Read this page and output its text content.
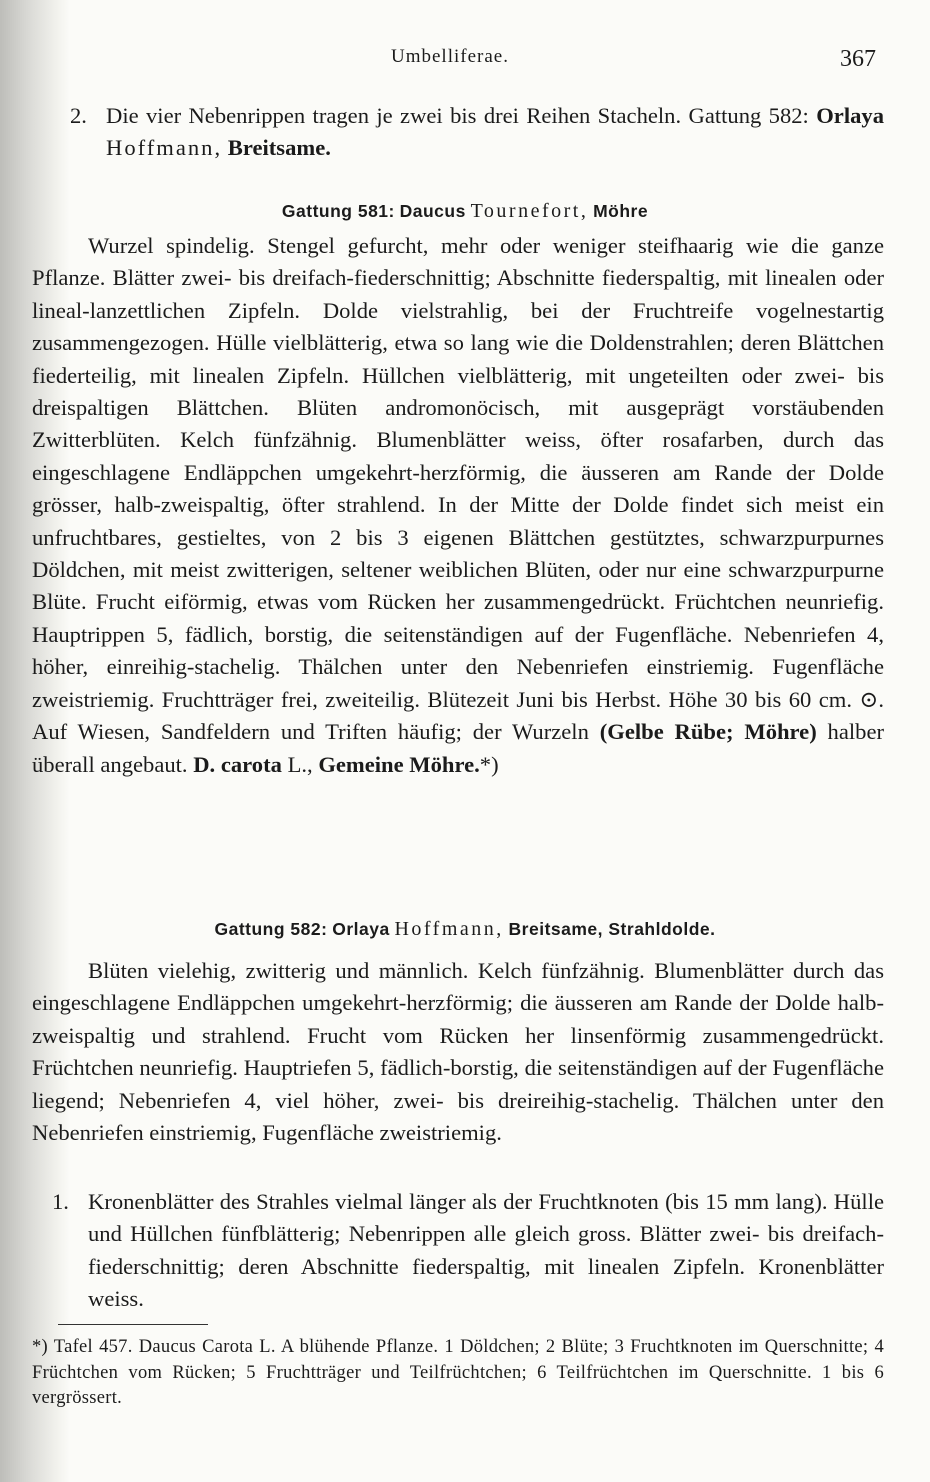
Umbelliferae.	367
2. Die vier Nebenrippen tragen je zwei bis drei Reihen Stacheln. Gattung 582: Orlaya Hoffmann, Breitsame.
Gattung 581: Daucus Tournefort, Möhre
Wurzel spindelig. Stengel gefurcht, mehr oder weniger steifhaarig wie die ganze Pflanze. Blätter zwei- bis dreifach-fiederschnittig; Abschnitte fiederspaltig, mit linealen oder lineal-lanzettlichen Zipfeln. Dolde vielstrahlig, bei der Fruchtreife vogelnestartig zusammengezogen. Hülle vielblätterig, etwa so lang wie die Doldenstrahlen; deren Blättchen fiederteilig, mit linealen Zipfeln. Hüllchen vielblätterig, mit ungeteilten oder zwei- bis dreispaltigen Blättchen. Blüten andromonöcisch, mit ausgeprägt vorstäubenden Zwitterblüten. Kelch fünfzähnig. Blumenblätter weiss, öfter rosafarben, durch das eingeschlagene Endläppchen umgekehrt-herzförmig, die äusseren am Rande der Dolde grösser, halb-zweispaltig, öfter strahlend. In der Mitte der Dolde findet sich meist ein unfruchtbares, gestieltes, von 2 bis 3 eigenen Blättchen gestütztes, schwarzpurpurnes Döldchen, mit meist zwitterigen, seltener weiblichen Blüten, oder nur eine schwarzpurpurne Blüte. Frucht eiförmig, etwas vom Rücken her zusammengedrückt. Früchtchen neunriefig. Hauptrippen 5, fädlich, borstig, die seitenständigen auf der Fugenfläche. Nebenriefen 4, höher, einreihig-stachelig. Thälchen unter den Nebenriefen einstriemig. Fugenfläche zweistriemig. Fruchtträger frei, zweiteilig. Blütezeit Juni bis Herbst. Höhe 30 bis 60 cm. ⊙. Auf Wiesen, Sandfeldern und Triften häufig; der Wurzeln (Gelbe Rübe; Möhre) halber überall angebaut. D. carota L., Gemeine Möhre.*)
Gattung 582: Orlaya Hoffmann, Breitsame, Strahldolde.
Blüten vielehig, zwitterig und männlich. Kelch fünfzähnig. Blumenblätter durch das eingeschlagene Endläppchen umgekehrt-herzförmig; die äusseren am Rande der Dolde halb-zweispaltig und strahlend. Frucht vom Rücken her linsenförmig zusammengedrückt. Früchtchen neunriefig. Hauptriefen 5, fädlich-borstig, die seitenständigen auf der Fugenfläche liegend; Nebenriefen 4, viel höher, zwei- bis dreireihig-stachelig. Thälchen unter den Nebenriefen einstriemig, Fugenfläche zweistriemig.
1. Kronenblätter des Strahles vielmal länger als der Fruchtknoten (bis 15 mm lang). Hülle und Hüllchen fünfblätterig; Nebenrippen alle gleich gross. Blätter zwei- bis dreifach-fiederschnittig; deren Abschnitte fiederspaltig, mit linealen Zipfeln. Kronenblätter weiss.
*) Tafel 457. Daucus Carota L. A blühende Pflanze. 1 Döldchen; 2 Blüte; 3 Fruchtknoten im Querschnitte; 4 Früchtchen vom Rücken; 5 Fruchtträger und Teilfrüchtchen; 6 Teilfrüchtchen im Querschnitte. 1 bis 6 vergrössert.
